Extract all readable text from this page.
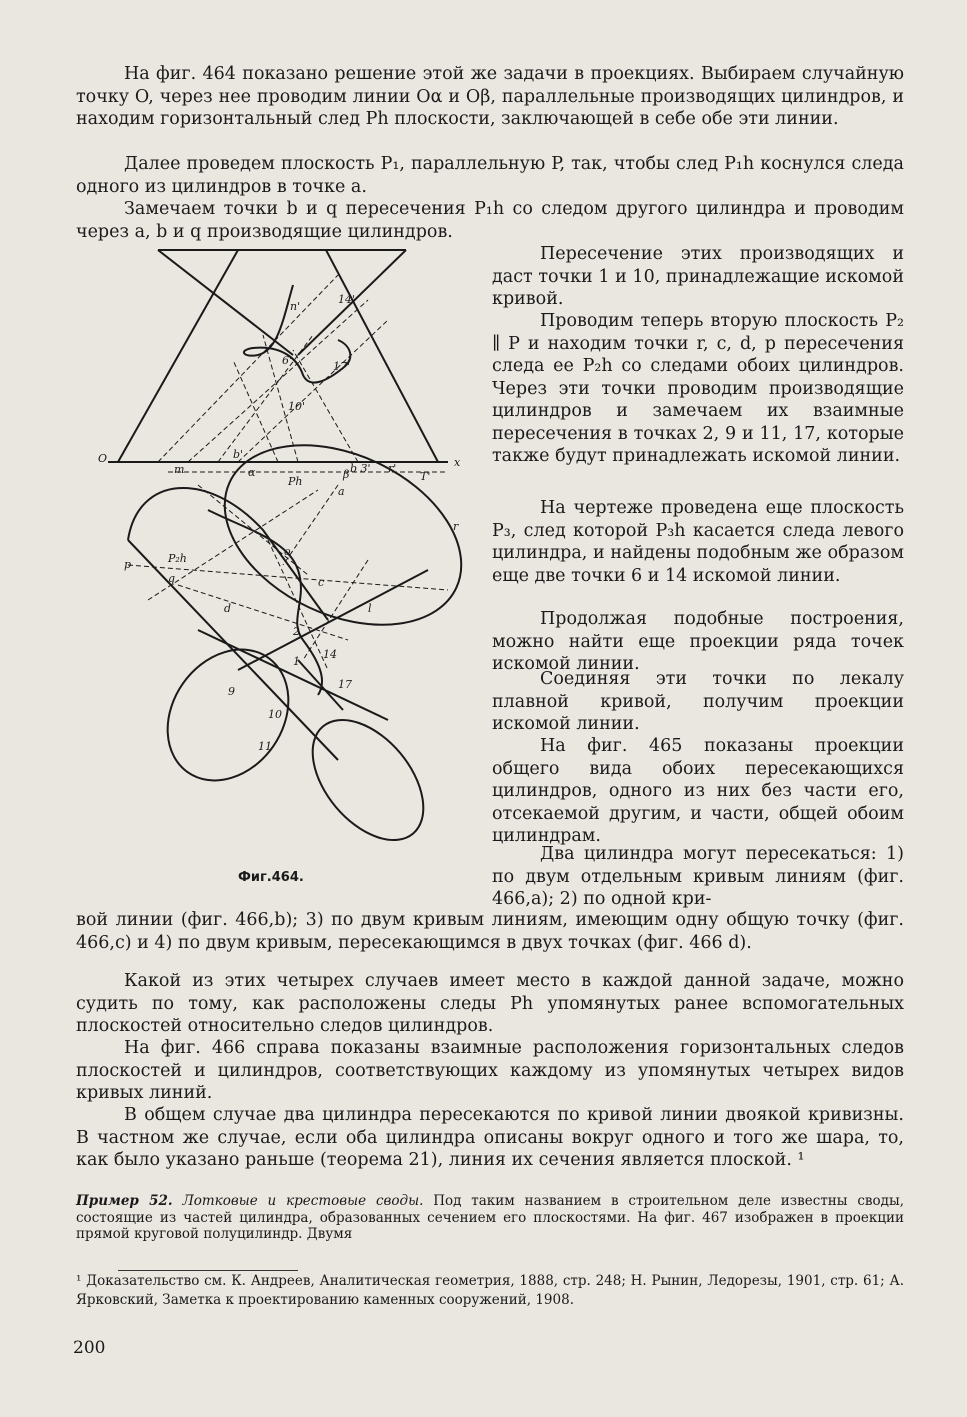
На фиг. 464 показано решение этой же задачи в проекциях. Выбираем случайную точку O, через нее проводим линии Oα и Oβ, параллельные производящих цилиндров, и находим горизонтальный след Ph плоскости, заключающей в себе обе эти линии.

Далее проведем плоскость P₁, параллельную P, так, чтобы след P₁h коснулся следа одного из цилиндров в точке a.

Замечаем точки b и q пересечения P₁h со следом другого цилиндра и проводим через a, b и q производящие цилиндров.

Пересечение этих производящих и даст точки 1 и 10, принадлежащие искомой кривой.

Проводим теперь вторую плоскость P₂ ∥ P и находим точки r, c, d, p пересечения следа ее P₂h со следами обоих цилиндров. Через эти точки проводим производящие цилиндров и замечаем их взаимные пересечения в точках 2, 9 и 11, 17, которые также будут принадлежать искомой линии.

На чертеже проведена еще плоскость P₃, след которой P₃h касается следа левого цилиндра, и найдены подобным же образом еще две точки 6 и 14 искомой линии.

Продолжая подобные построения, можно найти еще проекции ряда точек искомой линии.

Соединяя эти точки по лекалу плавной кривой, получим проекции искомой линии.

На фиг. 465 показаны проекции общего вида обоих пересекающихся цилиндров, одного из них без части его, отсекаемой другим, и части, общей обоим цилиндрам.

Два цилиндра могут пересекаться: 1) по двум отдельным кривым линиям (фиг. 466,a); 2) по одной кри-

вой линии (фиг. 466,b); 3) по двум кривым линиям, имеющим одну общую точку (фиг. 466,c) и 4) по двум кривым, пересекающимся в двух точках (фиг. 466 d).

Какой из этих четырех случаев имеет место в каждой данной задаче, можно судить по тому, как расположены следы Ph упомянутых ранее вспомогательных плоскостей относительно следов цилиндров.

На фиг. 466 справа показаны взаимные расположения горизонтальных следов плоскостей и цилиндров, соответствующих каждому из упомянутых четырех видов кривых линий.

В общем случае два цилиндра пересекаются по кривой линии двоякой кривизны. В частном же случае, если оба цилиндра описаны вокруг одного и того же шара, то, как было указано раньше (теорема 21), линия их сечения является плоской. ¹

O	x
Ph
P₂h
p
r
β
α
b'
b 3'
m
T'
r'
n'
14'
6'	17'
10'
a
o
c
d
q
2
1
14
17
9
10
11
l
Фиг.464.

Пример 52. Лотковые и крестовые своды. Под таким названием в строительном деле известны своды, состоящие из частей цилиндра, образованных сечением его плоскостями. На фиг. 467 изображен в проекции прямой круговой полуцилиндр. Двумя

¹ Доказательство см. К. Андреев, Аналитическая геометрия, 1888, стр. 248; Н. Рынин, Ледорезы, 1901, стр. 61; А. Ярковский, Заметка к проектированию каменных сооружений, 1908.

200
